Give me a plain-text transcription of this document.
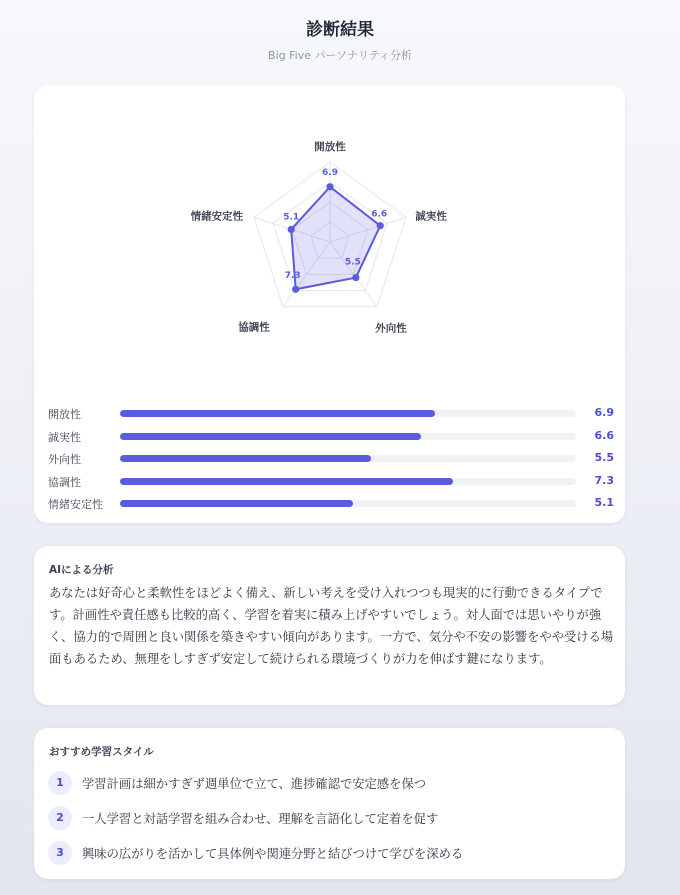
診断結果
Big Five パーソナリティ分析
6.9
6.6
5.5
7.3
5.1
開放性
誠実性
外向性
協調性
情緒安定性
開放性	6.9
誠実性	6.6
外向性	5.5
協調性	7.3
情緒安定性	5.1
AIによる分析
あなたは好奇心と柔軟性をほどよく備え、新しい考えを受け入れつつも現実的に行動できるタイプです。計画性や責任感も比較的高く、学習を着実に積み上げやすいでしょう。対人面では思いやりが強く、協力的で周囲と良い関係を築きやすい傾向があります。一方で、気分や不安の影響をやや受ける場面もあるため、無理をしすぎず安定して続けられる環境づくりが力を伸ばす鍵になります。
おすすめ学習スタイル
1	学習計画は細かすぎず週単位で立て、進捗確認で安定感を保つ
2	一人学習と対話学習を組み合わせ、理解を言語化して定着を促す
3	興味の広がりを活かして具体例や関連分野と結びつけて学びを深める
